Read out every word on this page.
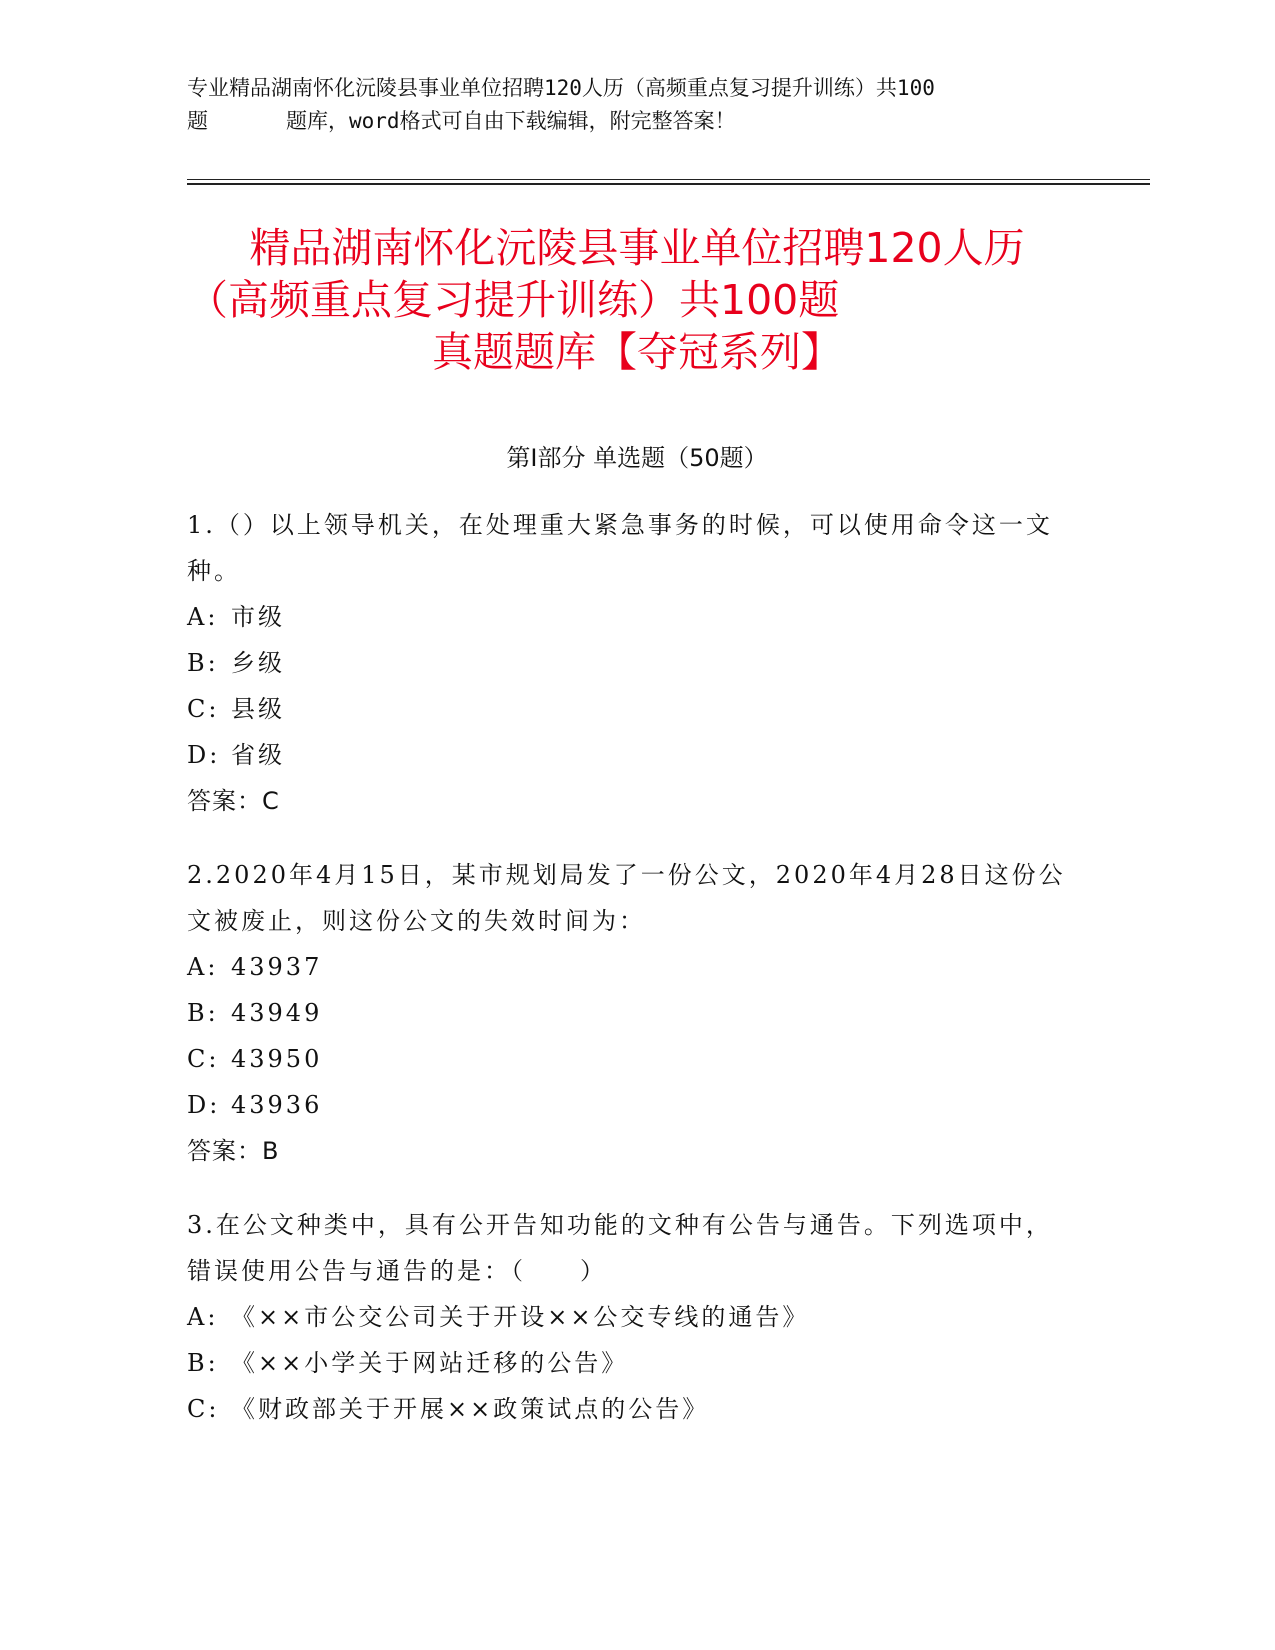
专业精品湖南怀化沅陵县事业单位招聘120人历（高频重点复习提升训练）共100
题	题库，word格式可自由下载编辑，附完整答案！
精品湖南怀化沅陵县事业单位招聘120人历
（高频重点复习提升训练）共100题
真题题库【夺冠系列】
第Ⅰ部分 单选题（50题）
1.（）以上领导机关，在处理重大紧急事务的时候，可以使用命令这一文种。
A: 市级
B: 乡级
C: 县级
D: 省级
答案：C
2.2020年4月15日，某市规划局发了一份公文，2020年4月28日这份公文被废止，则这份公文的失效时间为：
A: 43937
B: 43949
C: 43950
D: 43936
答案：B
3.在公文种类中，具有公开告知功能的文种有公告与通告。下列选项中，错误使用公告与通告的是：（　　）
A: 《××市公交公司关于开设××公交专线的通告》
B: 《××小学关于网站迁移的公告》
C: 《财政部关于开展××政策试点的公告》
